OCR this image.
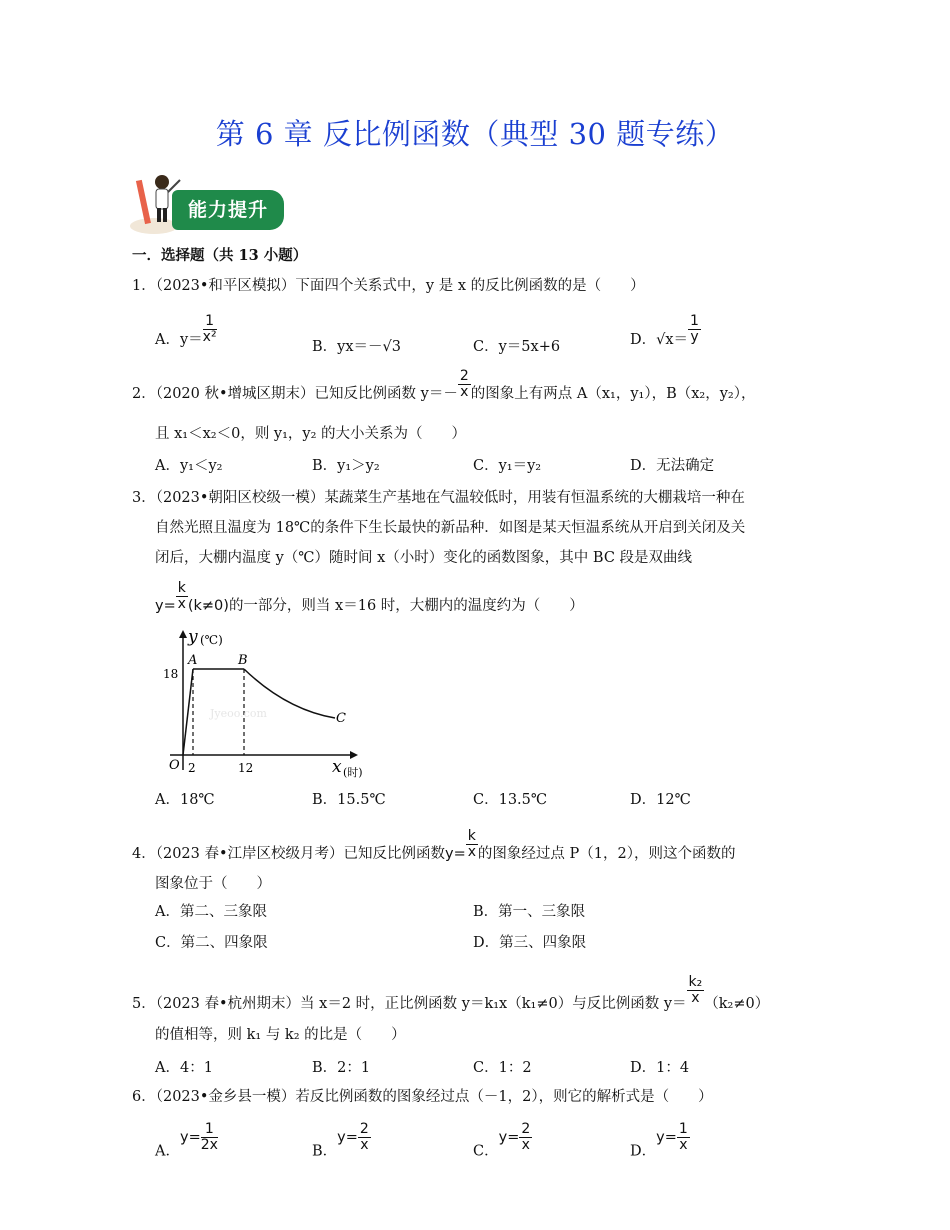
第 6 章 反比例函数（典型 30 题专练）
能力提升
一．选择题（共 13 小题）
1．（2023•和平区模拟）下面四个关系式中，y 是 x 的反比例函数的是（　　）
A．$y= \frac{1}{\text{x²}}$
B．yx＝－√3	C．y＝5x+6	D．$√x= \frac{1}{y}$
2．（2020 秋•增城区期末）已知反比例函数 $y=- \frac{2}{x}$ 的图象上有两点 A（x₁，y₁），B（x₂，y₂），
且 x₁＜x₂＜0，则 y₁，y₂ 的大小关系为（　　）
A．y₁＜y₂	B．y₁＞y₂	C．y₁＝y₂	D．无法确定
3．（2023•朝阳区校级一模）某蔬菜生产基地在气温较低时，用装有恒温系统的大棚栽培一种在
自然光照且温度为 18℃的条件下生长最快的新品种．如图是某天恒温系统从开启到关闭及关
闭后，大棚内温度 y（℃）随时间 x（小时）变化的函数图象，其中 BC 段是双曲线
$y= \frac{k}{x} (k\ne 0)$的一部分，则当 x＝16 时，大棚内的温度约为（　　）
y (℃)
x (时)
O
18
2	12
A	B
C
Jyeoo.com
A．18℃	B．15.5℃	C．13.5℃	D．12℃
4．（2023 春•江岸区校级月考）已知反比例函数$y= \frac{k}{x}$ 的图象经过点 P（1，2），则这个函数的
图象位于（　　）
A．第二、三象限	B．第一、三象限
C．第二、四象限	D．第三、四象限
5．（2023 春•杭州期末）当 x＝2 时，正比例函数 y＝k₁x（k₁≠0）与反比例函数 $y= \frac{\text{k₂}}{x} (k_2\ne 0)$
的值相等，则 k₁ 与 k₂ 的比是（　　）
A．4：1	B．2：1	C．1：2	D．1：4
6．（2023•金乡县一模）若反比例函数的图象经过点（－1，2），则它的解析式是（　　）
A．$y= \frac{1}{2x}$	B．$y= \frac{2}{x}$	C．$y= \frac{2}{x}$	D．$y= \frac{1}{x}$
